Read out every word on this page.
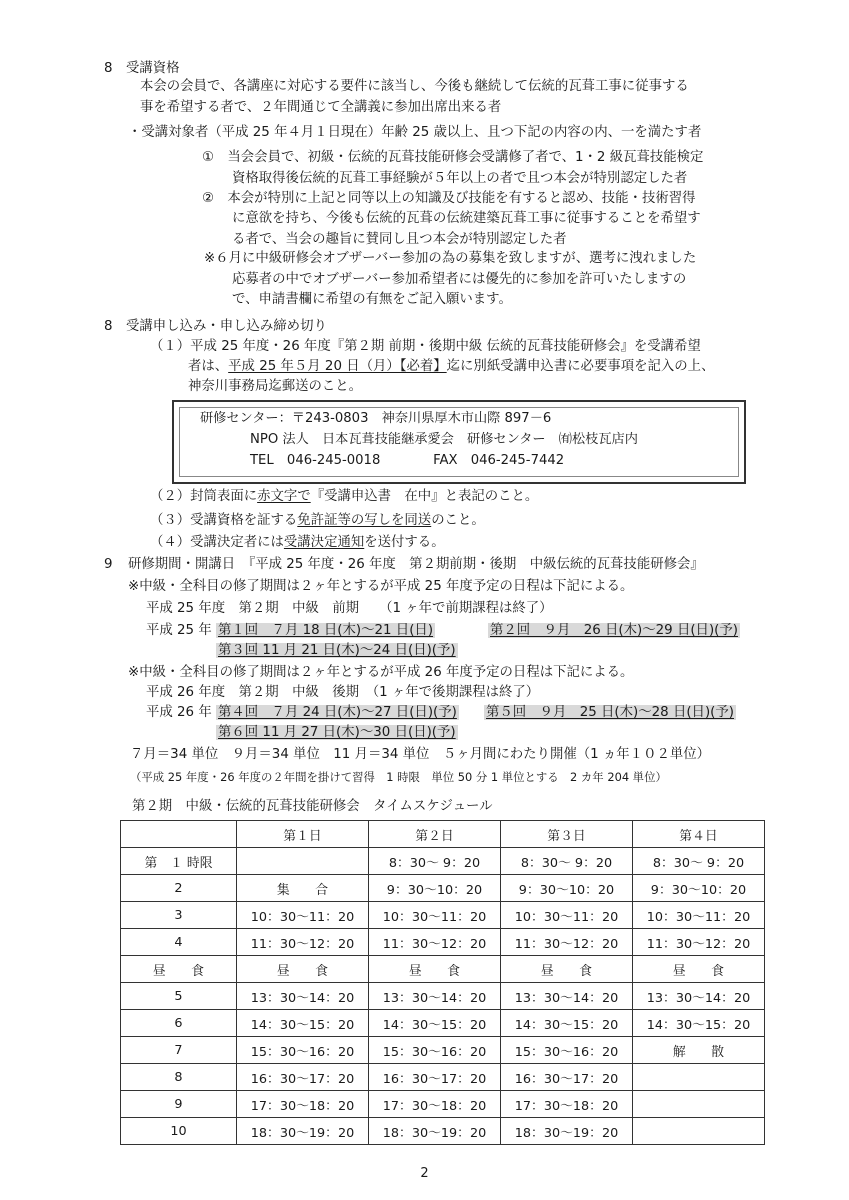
8 受講資格
本会の会員で、各講座に対応する要件に該当し、今後も継続して伝統的瓦葺工事に従事する
事を希望する者で、２年間通じて全講義に参加出席出来る者
・受講対象者（平成 25 年４月１日現在）年齢 25 歳以上、且つ下記の内容の内、一を満たす者
①　当会会員で、初級・伝統的瓦葺技能研修会受講修了者で、1・2 級瓦葺技能検定
資格取得後伝統的瓦葺工事経験が５年以上の者で且つ本会が特別認定した者
②　本会が特別に上記と同等以上の知識及び技能を有すると認め、技能・技術習得
に意欲を持ち、今後も伝統的瓦葺の伝統建築瓦葺工事に従事することを希望す
る者で、当会の趣旨に賛同し且つ本会が特別認定した者
※６月に中級研修会オブザーバー参加の為の募集を致しますが、選考に洩れました
応募者の中でオブザーバー参加希望者には優先的に参加を許可いたしますの
で、申請書欄に希望の有無をご記入願います。
8 受講申し込み・申し込み締め切り
（１）平成 25 年度・26 年度『第２期 前期・後期中級 伝統的瓦葺技能研修会』を受講希望
者は、平成 25 年５月 20 日（月）【必着】迄に別紙受講申込書に必要事項を記入の上、
神奈川事務局迄郵送のこと。
研修センター：〒243-0803　神奈川県厚木市山際 897－6
NPO 法人　日本瓦葺技能継承愛会　研修センター　㈲松枝瓦店内
TEL　046-245-0018　　　　FAX　046-245-7442
（２）封筒表面に赤文字で『受講申込書　在中』と表記のこと。
（３）受講資格を証する免許証等の写しを同送のこと。
（４）受講決定者には受講決定通知を送付する。
9 研修期間・開講日　『平成 25 年度・26 年度　第２期前期・後期　中級伝統的瓦葺技能研修会』
※中級・全科目の修了期間は２ヶ年とするが平成 25 年度予定の日程は下記による。
平成 25 年度　第２期　中級　前期　　（1 ヶ年で前期課程は終了）
平成 25 年 第１回　７月 18 日(木)～21 日(日)	第２回　９月　26 日(木)～29 日(日)(予)
第３回 11 月 21 日(木)～24 日(日)(予)
※中級・全科目の修了期間は２ヶ年とするが平成 26 年度予定の日程は下記による。
平成 26 年度　第２期　中級　後期　（1 ヶ年で後期課程は終了）
平成 26 年 第４回　７月 24 日(木)～27 日(日)(予) 第５回　９月　25 日(木)～28 日(日)(予)
第６回 11 月 27 日(木)～30 日(日)(予)
７月＝34 単位　９月＝34 単位　11 月＝34 単位　５ヶ月間にわたり開催（1 ヵ年１０２単位）
（平成 25 年度・26 年度の２年間を掛けて習得　1 時限　単位 50 分 1 単位とする　2 カ年 204 単位）
第２期　中級・伝統的瓦葺技能研修会　タイムスケジュール
	第１日	第２日	第３日	第４日
第　１ 時限		8：30～ 9：20	8：30～ 9：20	8：30～ 9：20
2	集　　合	9：30～10：20	9：30～10：20	9：30～10：20
3	10：30～11：20	10：30～11：20	10：30～11：20	10：30～11：20
4	11：30～12：20	11：30～12：20	11：30～12：20	11：30～12：20
昼　　食	昼　　食	昼　　食	昼　　食	昼　　食
5	13：30～14：20	13：30～14：20	13：30～14：20	13：30～14：20
6	14：30～15：20	14：30～15：20	14：30～15：20	14：30～15：20
7	15：30～16：20	15：30～16：20	15：30～16：20	解　　散
8	16：30～17：20	16：30～17：20	16：30～17：20	
9	17：30～18：20	17：30～18：20	17：30～18：20	
10	18：30～19：20	18：30～19：20	18：30～19：20	
2
